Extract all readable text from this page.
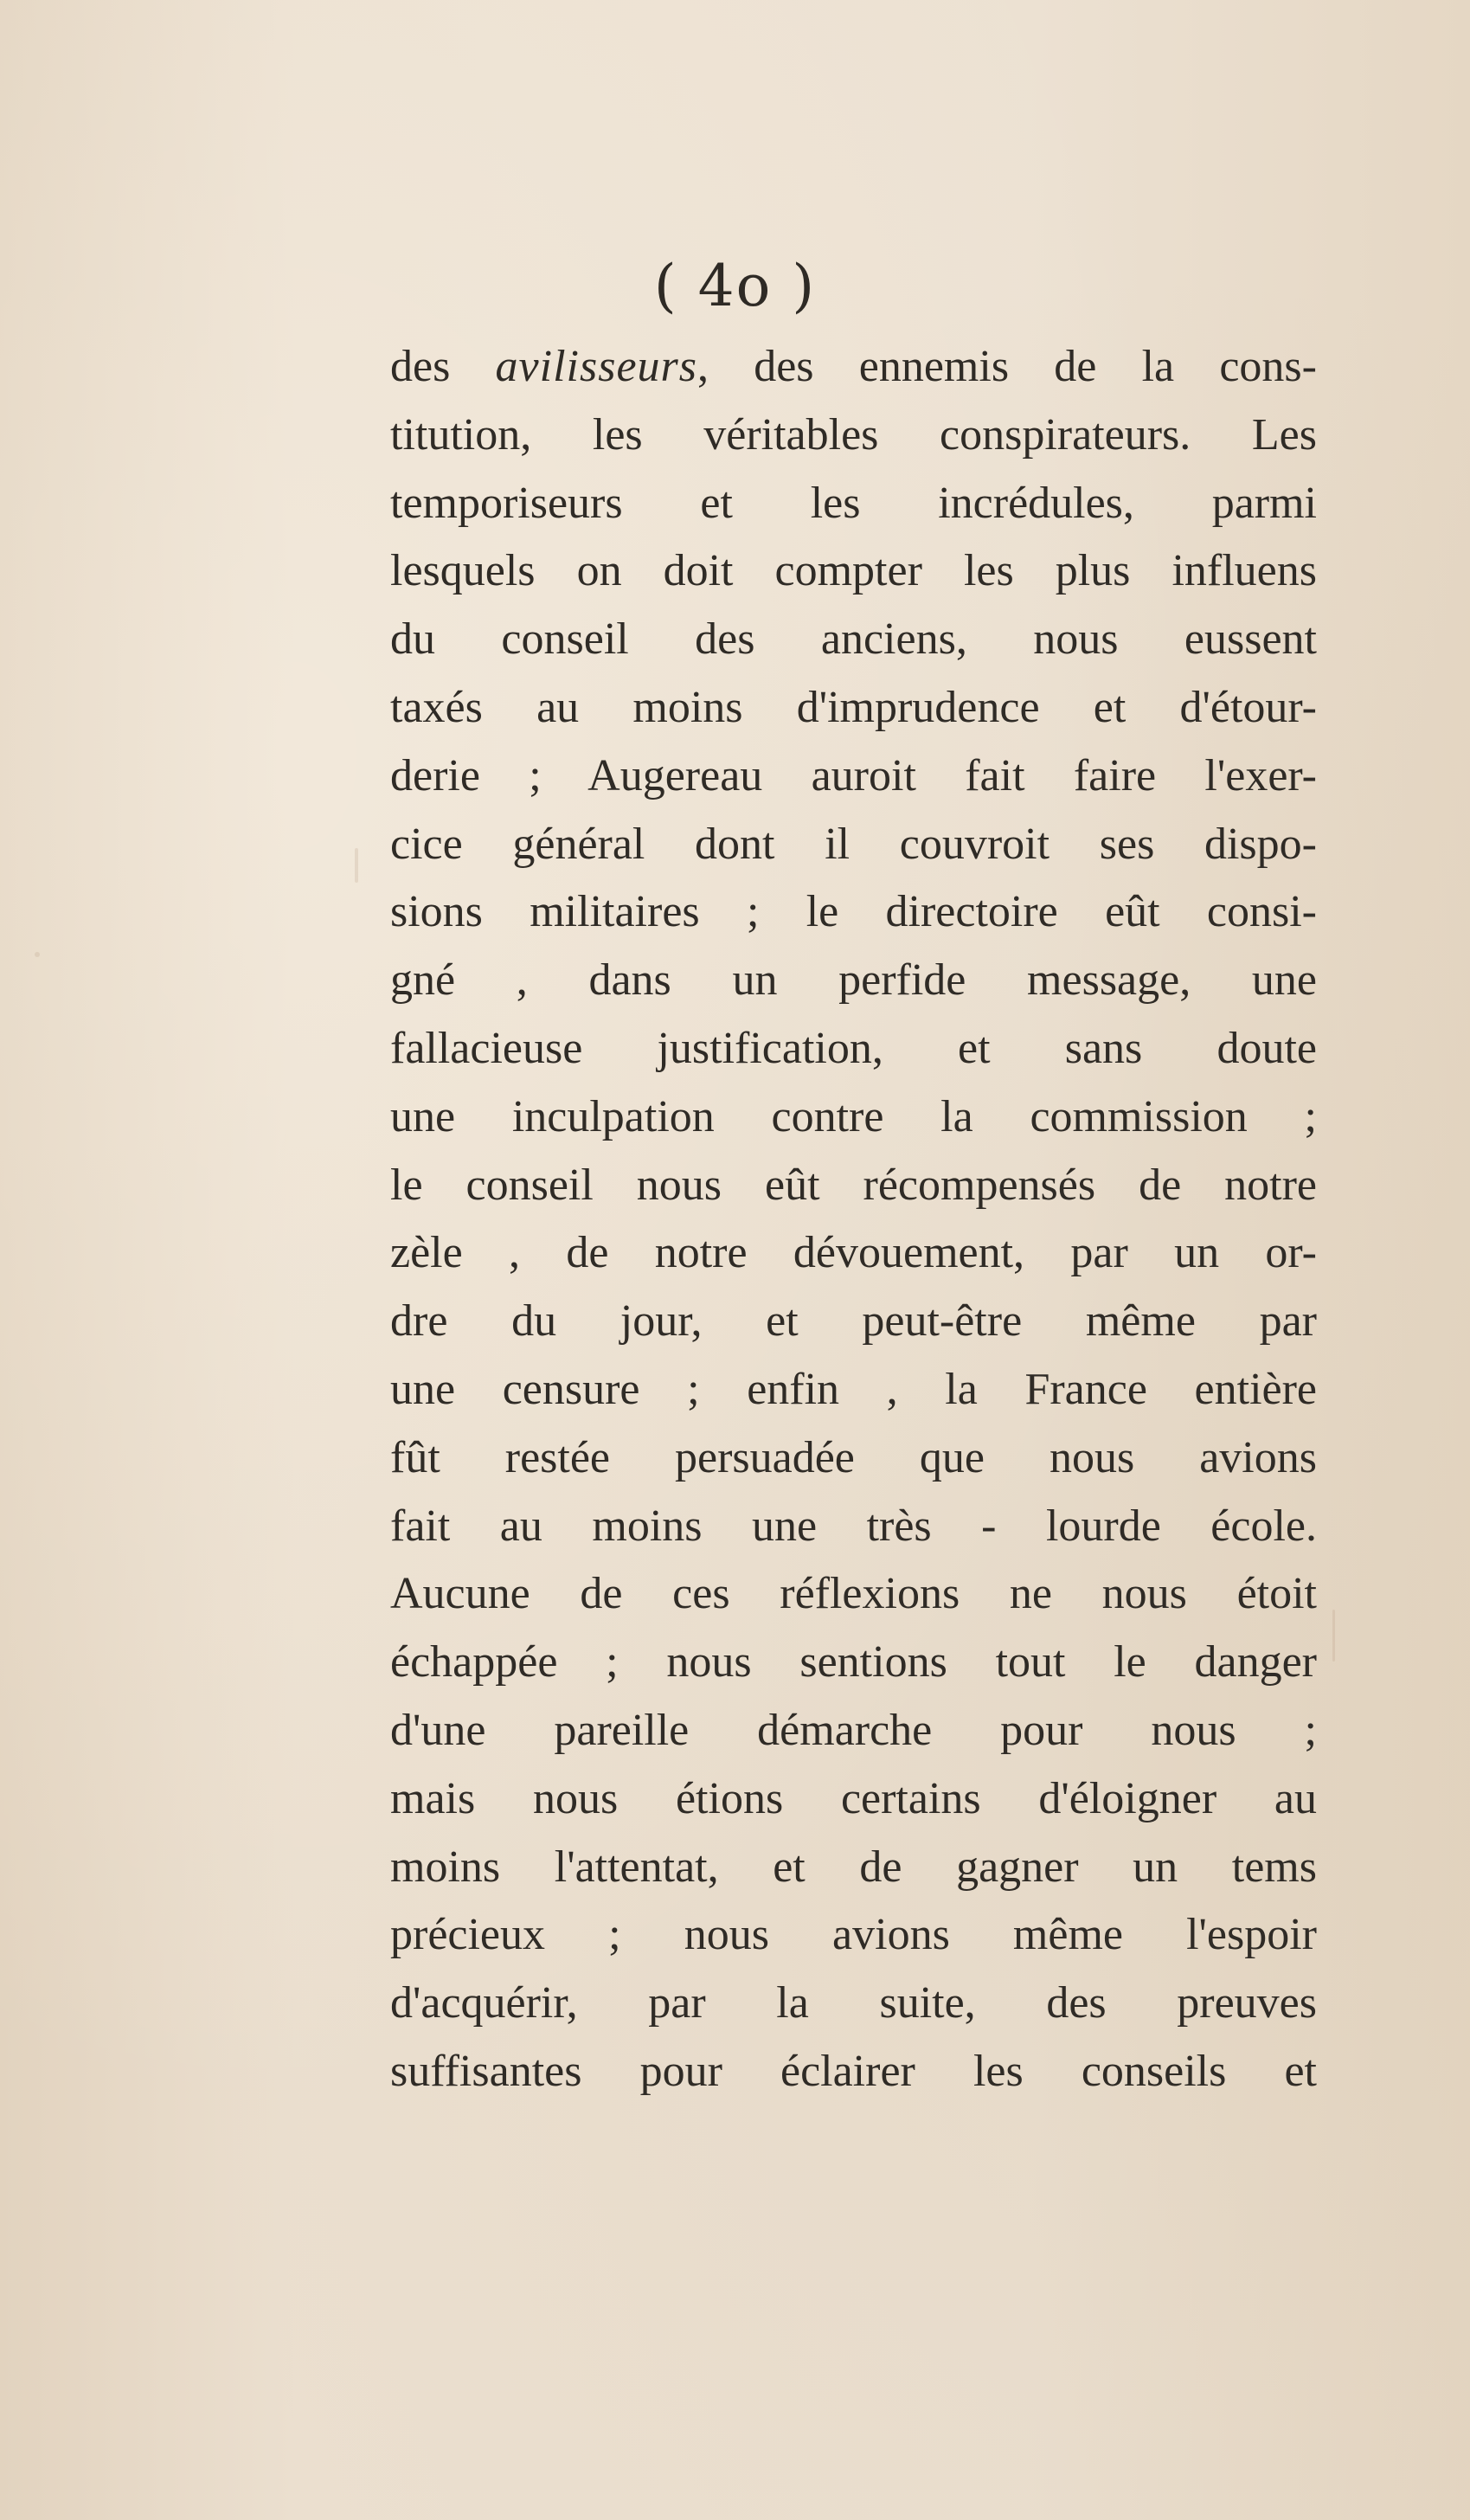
( 4o )
des avilisseurs, des ennemis de la cons-
titution, les véritables conspirateurs. Les
temporiseurs et les incrédules, parmi
lesquels on doit compter les plus influens
du conseil des anciens, nous eussent
taxés au moins d'imprudence et d'étour-
derie ; Augereau auroit fait faire l'exer-
cice général dont il couvroit ses dispo-
sions militaires ; le directoire eût consi-
gné , dans un perfide message, une
fallacieuse justification, et sans doute
une inculpation contre la commission ;
le conseil nous eût récompensés de notre
zèle , de notre dévouement, par un or-
dre du jour, et peut-être même par
une censure ; enfin , la France entière
fût restée persuadée que nous avions
fait au moins une très - lourde école.
Aucune de ces réflexions ne nous étoit
échappée ; nous sentions tout le danger
d'une pareille démarche pour nous ;
mais nous étions certains d'éloigner au
moins l'attentat, et de gagner un tems
précieux ; nous avions même l'espoir
d'acquérir, par la suite, des preuves
suffisantes pour éclairer les conseils et
